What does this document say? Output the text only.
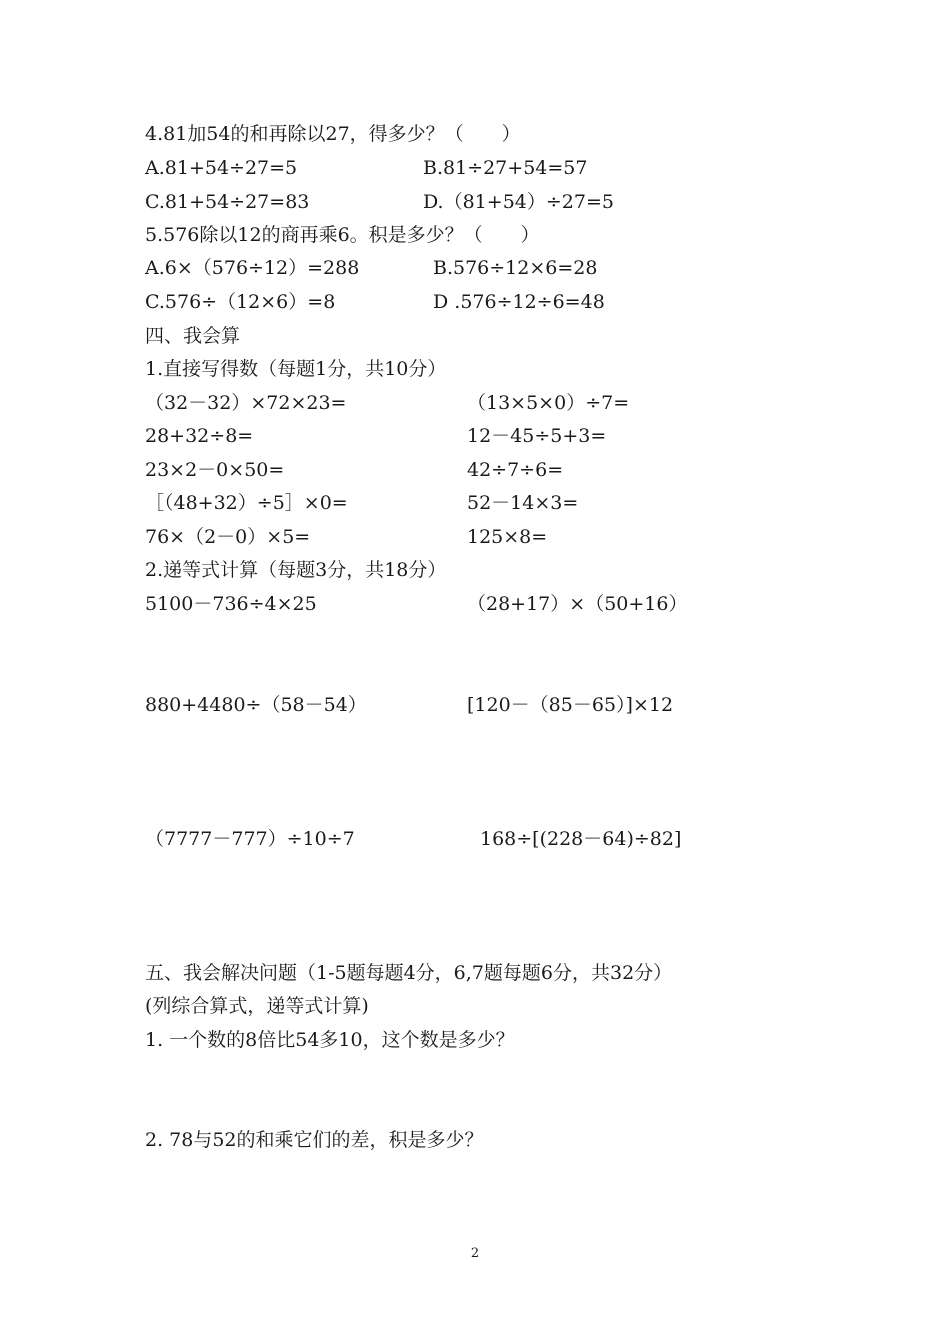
4.81加54的和再除以27，得多少？（　　）
A.81+54÷27=5	B.81÷27+54=57
C.81+54÷27=83	D.（81+54）÷27=5
5.576除以12的商再乘6。积是多少？（　　）
A.6×（576÷12）=288	B.576÷12×6=28
C.576÷（12×6）=8	D .576÷12÷6=48
四、我会算
1.直接写得数（每题1分，共10分）
（32－32）×72×23=	（13×5×0）÷7=
28+32÷8=	12－45÷5+3=
23×2－0×50=	42÷7÷6=
［（48+32）÷5］×0=	52－14×3=
76×（2－0）×5=	125×8=
2.递等式计算（每题3分，共18分）
5100－736÷4×25	（28+17）×（50+16）
880+4480÷（58－54）	[120－（85－65）]×12
（7777－777）÷10÷7	168÷[(228－64)÷82]
五、我会解决问题（1-5题每题4分，6,7题每题6分，共32分）
(列综合算式，递等式计算)
1. 一个数的8倍比54多10，这个数是多少？
2. 78与52的和乘它们的差，积是多少？
2
